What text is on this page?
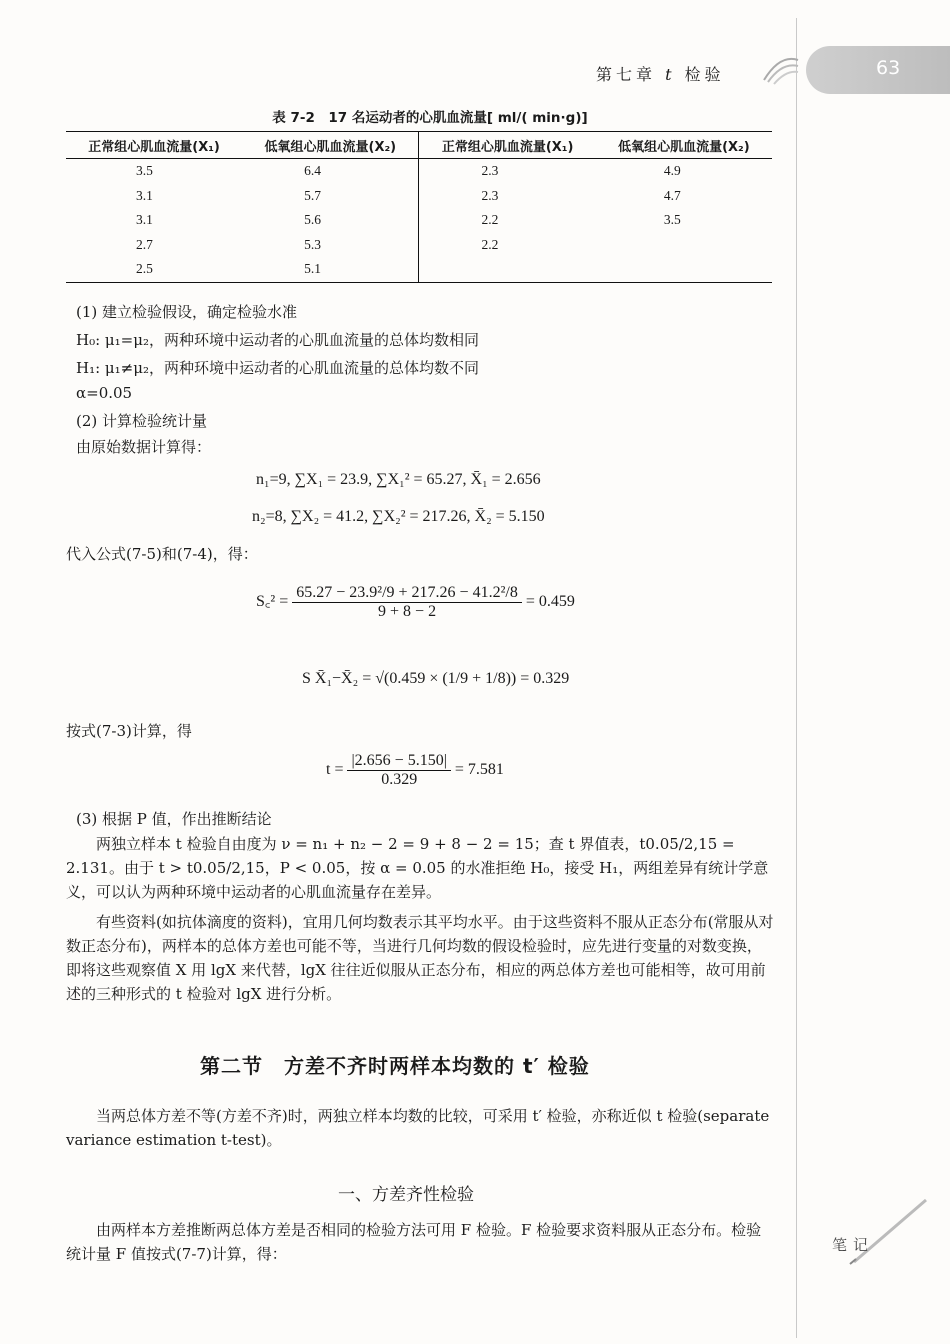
63
第七章 t 检验
表 7-2　17 名运动者的心肌血流量[ ml/( min·g)]
正常组心肌血流量(X₁)	低氧组心肌血流量(X₂)	正常组心肌血流量(X₁)	低氧组心肌血流量(X₂)
3.5	6.4	2.3	4.9
3.1	5.7	2.3	4.7
3.1	5.6	2.2	3.5
2.7	5.3	2.2	
2.5	5.1		
(1) 建立检验假设，确定检验水准
H₀: μ₁=μ₂，两种环境中运动者的心肌血流量的总体均数相同
H₁: μ₁≠μ₂，两种环境中运动者的心肌血流量的总体均数不同
α=0.05
(2) 计算检验统计量
由原始数据计算得：
n₁=9, ∑X₁ = 23.9, ∑X₁² = 65.27, X̄₁ = 2.656
n₂=8, ∑X₂ = 41.2, ∑X₂² = 217.26, X̄₂ = 5.150
代入公式(7-5)和(7-4)，得：
S꜀² = $\frac{\text{65.27 − 23.9²/9 + 217.26 − 41.2²/8}}{9 + 8 - 2} = 0.459$
S X̄₁−X̄₂ = √(0.459 × (1/9 + 1/8)) = 0.329
按式(7-3)计算，得
$t = \frac{|2.656 - 5.150|}{0.329} = 7.581$
(3) 根据 P 值，作出推断结论
两独立样本 t 检验自由度为 ν = n₁ + n₂ − 2 = 9 + 8 − 2 = 15；查 t 界值表，t0.05/2,15 = 2.131。由于 t > t0.05/2,15，P < 0.05，按 α = 0.05 的水准拒绝 H₀，接受 H₁，两组差异有统计学意义，可以认为两种环境中运动者的心肌血流量存在差异。
有些资料(如抗体滴度的资料)，宜用几何均数表示其平均水平。由于这些资料不服从正态分布(常服从对数正态分布)，两样本的总体方差也可能不等，当进行几何均数的假设检验时，应先进行变量的对数变换，即将这些观察值 X 用 lgX 来代替，lgX 往往近似服从正态分布，相应的两总体方差也可能相等，故可用前述的三种形式的 t 检验对 lgX 进行分析。
第二节　方差不齐时两样本均数的 t′ 检验
当两总体方差不等(方差不齐)时，两独立样本均数的比较，可采用 t′ 检验，亦称近似 t 检验(separate variance estimation t-test)。
一、方差齐性检验
由两样本方差推断两总体方差是否相同的检验方法可用 F 检验。F 检验要求资料服从正态分布。检验统计量 F 值按式(7-7)计算，得：	笔记
